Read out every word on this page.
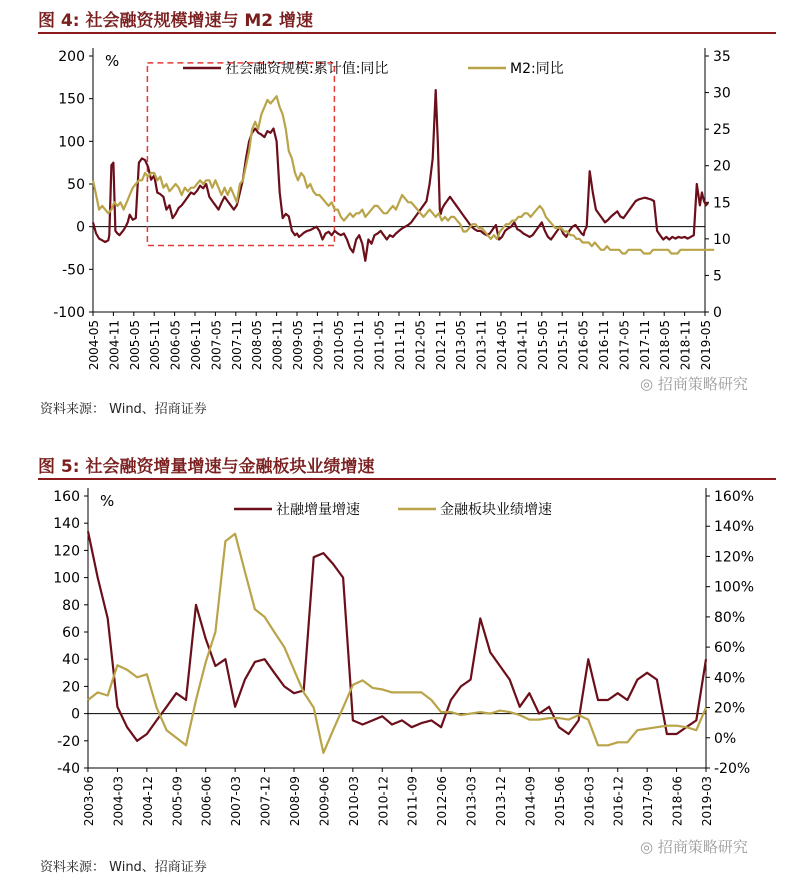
图 4: 社会融资规模增速与 M2 增速
-100
-50
0
50
100
150
200
0
5
10
15
20
25
30
35
2004-05 2004-11 2005-05 2005-11 2006-05 2006-11 2007-05 2007-11 2008-05 2008-11 2009-05 2009-11 2010-05 2010-11 2011-05 2011-11 2012-05 2012-11 2013-05 2013-11 2014-05 2014-11 2015-05 2015-11 2016-05 2016-11 2017-05 2017-11 2018-05 2018-11 2019-05
%	社会融资规模:累计值:同比	M2:同比
资料来源： Wind、招商证券
◎ 招商策略研究
图 5: 社会融资增量增速与金融板块业绩增速
-40
-20
0
20
40
60
80
100
120
140
160
-20%
0%
20%
40%
60%
80%
100%
120%
140%
160%
2003-06 2004-03 2004-12 2005-09 2006-06 2007-03 2007-12 2008-09 2009-06 2010-03 2010-12 2011-09 2012-06 2013-03 2013-12 2014-09 2015-06 2016-03 2016-12 2017-09 2018-06 2019-03
%	社融增量增速	金融板块业绩增速
资料来源： Wind、招商证券
◎ 招商策略研究
